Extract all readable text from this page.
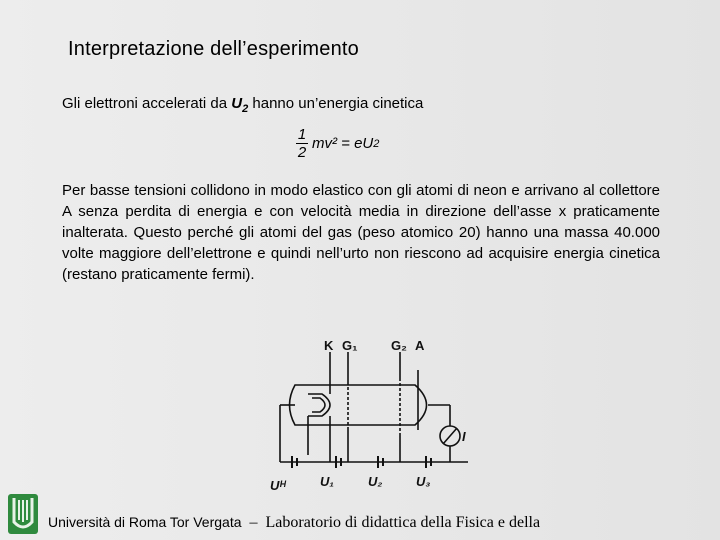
Interpretazione dell’esperimento
Gli elettroni accelerati da $U_2$ hanno un’energia cinetica
$\frac{1}{2} mv^2$ = eU 2
Per basse tensioni collidono in modo elastico con gli atomi di neon e arrivano al collettore A senza perdita di energia e con velocità media in direzione dell’asse x praticamente inalterata. Questo perché gli atomi del gas (peso atomico 20) hanno una massa 40.000 volte maggiore dell’elettrone e quindi nell’urto non riescono ad acquisire energia cinetica (restano praticamente fermi).
K G₁	G₂ A
I
Uᴴ	U₁	U₂	U₃
Università di Roma Tor Vergata – Laboratorio di didattica della Fisica e della
